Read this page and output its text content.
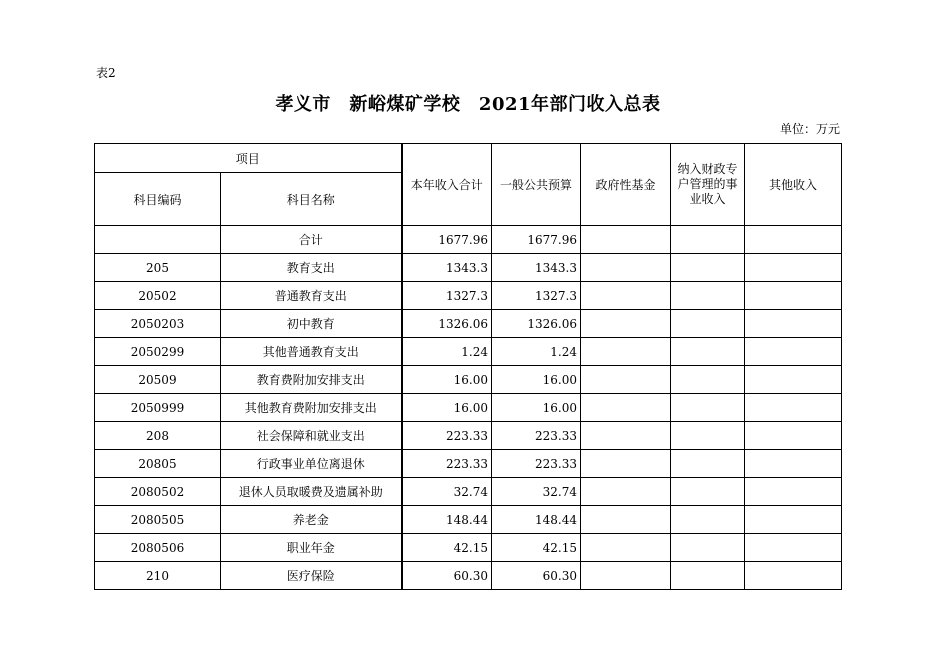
表2
孝义市　新峪煤矿学校　2021年部门收入总表
单位：万元
项目		本年收入合计	一般公共预算	政府性基金	纳入财政专户管理的事业收入	其他收入
科目编码	科目名称					
	合计	1677.96	1677.96			
205	教育支出	1343.3	1343.3			
20502	普通教育支出	1327.3	1327.3			
2050203	初中教育	1326.06	1326.06			
2050299	其他普通教育支出	1.24	1.24			
20509	教育费附加安排支出	16.00	16.00			
2050999	其他教育费附加安排支出	16.00	16.00			
208	社会保障和就业支出	223.33	223.33			
20805	行政事业单位离退休	223.33	223.33			
2080502	退休人员取暖费及遗属补助	32.74	32.74			
2080505	养老金	148.44	148.44			
2080506	职业年金	42.15	42.15			
210	医疗保险	60.30	60.30			
